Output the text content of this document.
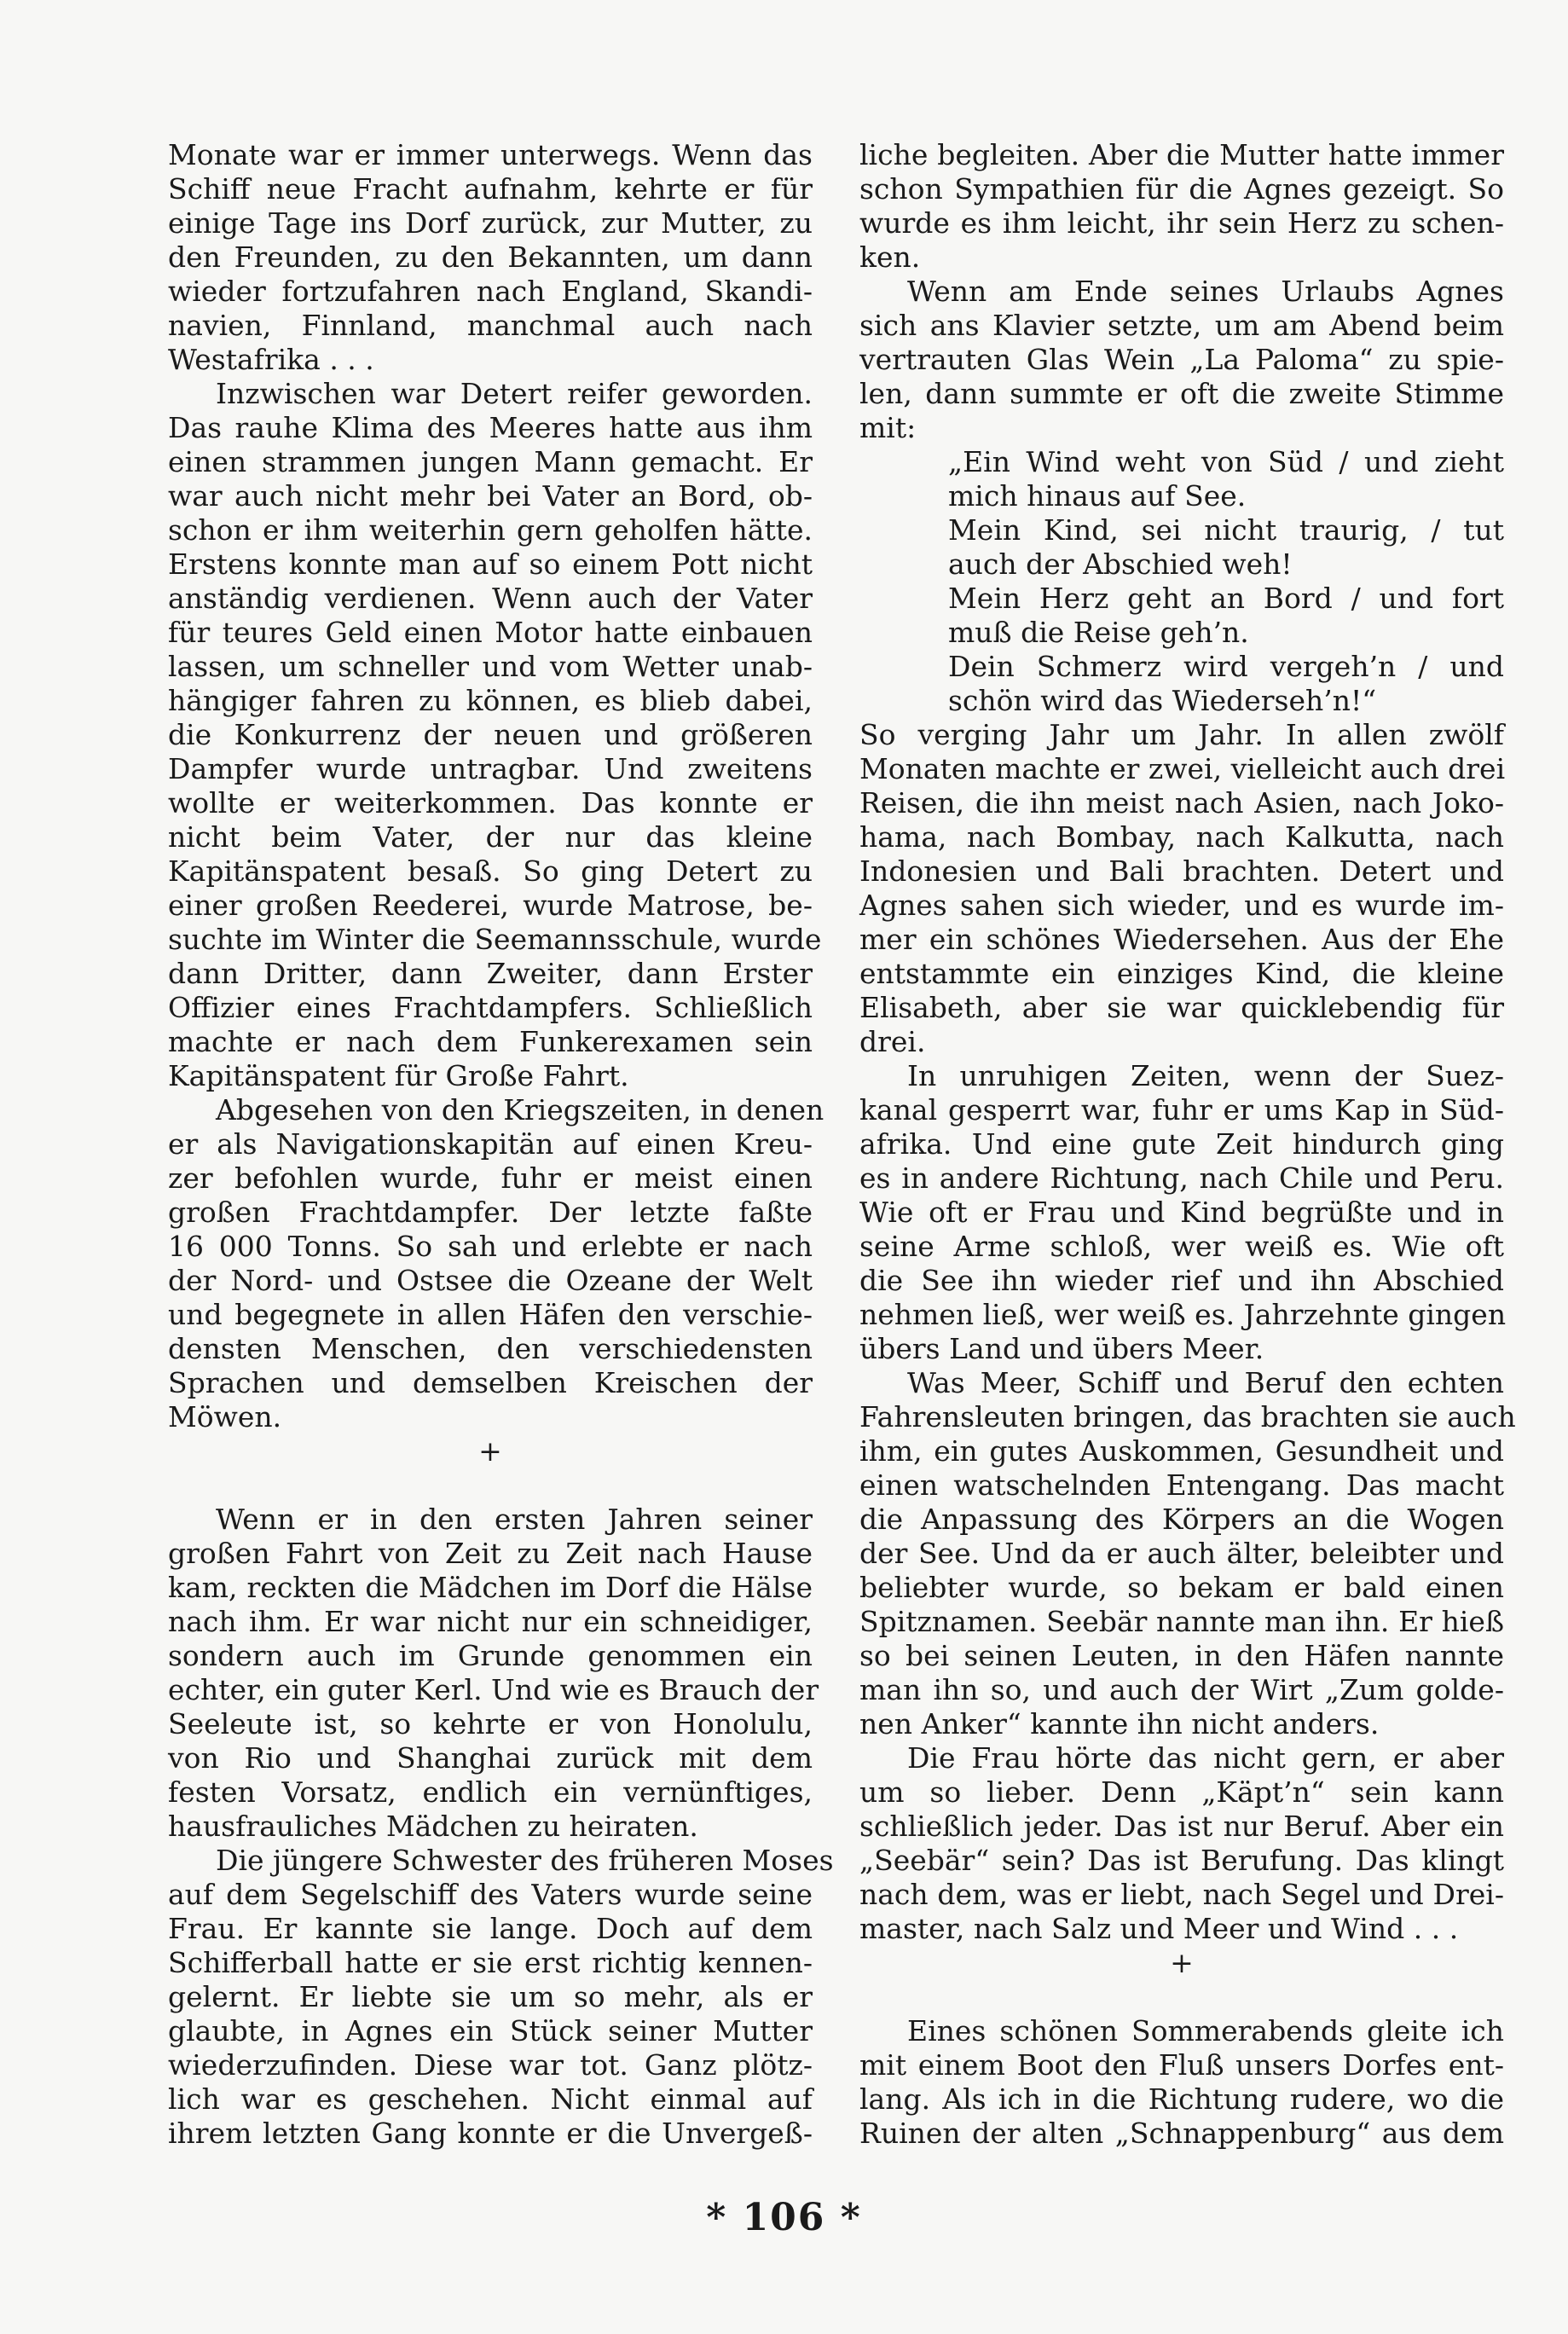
Monate war er immer unterwegs. Wenn das
Schiff neue Fracht aufnahm, kehrte er für
einige Tage ins Dorf zurück, zur Mutter, zu
den Freunden, zu den Bekannten, um dann
wieder fortzufahren nach England, Skandi-
navien, Finnland, manchmal auch nach
Westafrika . . .
Inzwischen war Detert reifer geworden.
Das rauhe Klima des Meeres hatte aus ihm
einen strammen jungen Mann gemacht. Er
war auch nicht mehr bei Vater an Bord, ob-
schon er ihm weiterhin gern geholfen hätte.
Erstens konnte man auf so einem Pott nicht
anständig verdienen. Wenn auch der Vater
für teures Geld einen Motor hatte einbauen
lassen, um schneller und vom Wetter unab-
hängiger fahren zu können, es blieb dabei,
die Konkurrenz der neuen und größeren
Dampfer wurde untragbar. Und zweitens
wollte er weiterkommen. Das konnte er
nicht beim Vater, der nur das kleine
Kapitänspatent besaß. So ging Detert zu
einer großen Reederei, wurde Matrose, be-
suchte im Winter die Seemannsschule, wurde
dann Dritter, dann Zweiter, dann Erster
Offizier eines Frachtdampfers. Schließlich
machte er nach dem Funkerexamen sein
Kapitänspatent für Große Fahrt.
Abgesehen von den Kriegszeiten, in denen
er als Navigationskapitän auf einen Kreu-
zer befohlen wurde, fuhr er meist einen
großen Frachtdampfer. Der letzte faßte
16 000 Tonns. So sah und erlebte er nach
der Nord- und Ostsee die Ozeane der Welt
und begegnete in allen Häfen den verschie-
densten Menschen, den verschiedensten
Sprachen und demselben Kreischen der
Möwen.
+
Wenn er in den ersten Jahren seiner
großen Fahrt von Zeit zu Zeit nach Hause
kam, reckten die Mädchen im Dorf die Hälse
nach ihm. Er war nicht nur ein schneidiger,
sondern auch im Grunde genommen ein
echter, ein guter Kerl. Und wie es Brauch der
Seeleute ist, so kehrte er von Honolulu,
von Rio und Shanghai zurück mit dem
festen Vorsatz, endlich ein vernünftiges,
hausfrauliches Mädchen zu heiraten.
Die jüngere Schwester des früheren Moses
auf dem Segelschiff des Vaters wurde seine
Frau. Er kannte sie lange. Doch auf dem
Schifferball hatte er sie erst richtig kennen-
gelernt. Er liebte sie um so mehr, als er
glaubte, in Agnes ein Stück seiner Mutter
wiederzufinden. Diese war tot. Ganz plötz-
lich war es geschehen. Nicht einmal auf
ihrem letzten Gang konnte er die Unvergeß-
liche begleiten. Aber die Mutter hatte immer
schon Sympathien für die Agnes gezeigt. So
wurde es ihm leicht, ihr sein Herz zu schen-
ken.
Wenn am Ende seines Urlaubs Agnes
sich ans Klavier setzte, um am Abend beim
vertrauten Glas Wein „La Paloma“ zu spie-
len, dann summte er oft die zweite Stimme
mit:
„Ein Wind weht von Süd / und zieht
mich hinaus auf See.
Mein Kind, sei nicht traurig, / tut
auch der Abschied weh!
Mein Herz geht an Bord / und fort
muß die Reise geh’n.
Dein Schmerz wird vergeh’n / und
schön wird das Wiederseh’n!“
So verging Jahr um Jahr. In allen zwölf
Monaten machte er zwei, vielleicht auch drei
Reisen, die ihn meist nach Asien, nach Joko-
hama, nach Bombay, nach Kalkutta, nach
Indonesien und Bali brachten. Detert und
Agnes sahen sich wieder, und es wurde im-
mer ein schönes Wiedersehen. Aus der Ehe
entstammte ein einziges Kind, die kleine
Elisabeth, aber sie war quicklebendig für
drei.
In unruhigen Zeiten, wenn der Suez-
kanal gesperrt war, fuhr er ums Kap in Süd-
afrika. Und eine gute Zeit hindurch ging
es in andere Richtung, nach Chile und Peru.
Wie oft er Frau und Kind begrüßte und in
seine Arme schloß, wer weiß es. Wie oft
die See ihn wieder rief und ihn Abschied
nehmen ließ, wer weiß es. Jahrzehnte gingen
übers Land und übers Meer.
Was Meer, Schiff und Beruf den echten
Fahrensleuten bringen, das brachten sie auch
ihm, ein gutes Auskommen, Gesundheit und
einen watschelnden Entengang. Das macht
die Anpassung des Körpers an die Wogen
der See. Und da er auch älter, beleibter und
beliebter wurde, so bekam er bald einen
Spitznamen. Seebär nannte man ihn. Er hieß
so bei seinen Leuten, in den Häfen nannte
man ihn so, und auch der Wirt „Zum golde-
nen Anker“ kannte ihn nicht anders.
Die Frau hörte das nicht gern, er aber
um so lieber. Denn „Käpt’n“ sein kann
schließlich jeder. Das ist nur Beruf. Aber ein
„Seebär“ sein? Das ist Berufung. Das klingt
nach dem, was er liebt, nach Segel und Drei-
master, nach Salz und Meer und Wind . . .
+
Eines schönen Sommerabends gleite ich
mit einem Boot den Fluß unsers Dorfes ent-
lang. Als ich in die Richtung rudere, wo die
Ruinen der alten „Schnappenburg“ aus dem
* 106 *
